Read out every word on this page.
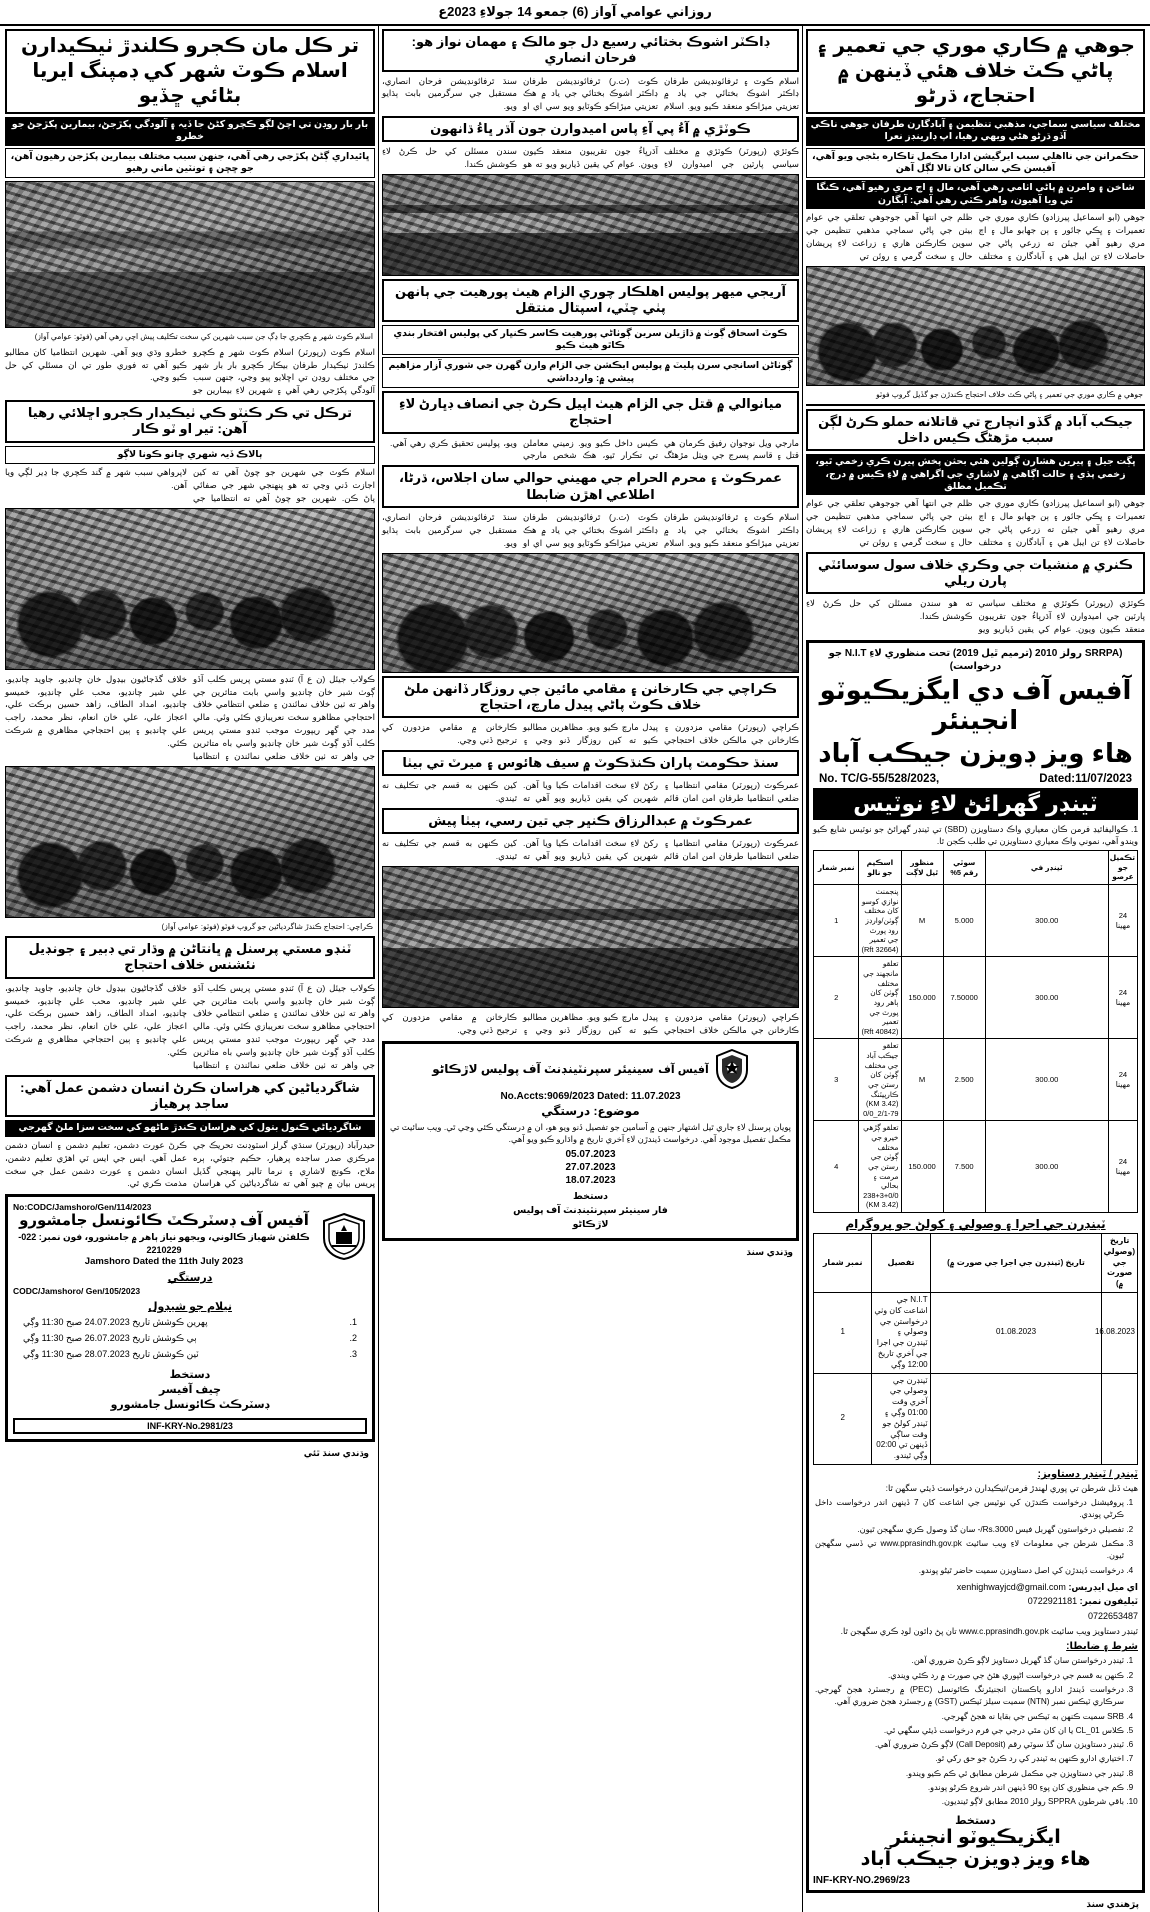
روزاني عوامي آواز (6) جمعو 14 جولاءِ 2023ع
جوهي ۾ ڪاري موري جي تعمير ۽ پاڻي ڪٽ خلاف ھئي ڏينهن ۾ احتجاج، ڌرڻو
مختلف سياسي سماجي، مذهبي تنظيمن ۽ آبادگارن طرفان جوهي ناڪي آڏو ڌرڻو هڻي ويهي رهيا، اپ ڊارينڊز نعرا
حڪمرانن جي نااهلي سبب ايرگيشن ادارا مڪمل تاڪاره بڻجي ويو آهي، آفيسن ڪي سالن کان تالا لڳل آهن
شاخن ۽ وامرن ۾ پاڻي اٺامي رهي آهي، مال ۽ اڄ مري رهيو آهي، ڪنگا ٿي ويا آهيون، واهر ڪٽي رهي آهي: آبگارن
جوهي (ابو اسماعيل پيرزادو) ڪاري موري جي تعميرات ۽ ڀڪي جائور ۽ ٻن جهابو مال ۽ اڄ مري رهيو آهي جيئن ته زرعي پاڻي جي حاصلات لاءِ تن ايبل هي ۽ آبادگارن ۽ مختلف ظلم جي انتها آهي جوجوهي تعلقي جي عوام بيٺن جي پاڻي سماجي مذهبي تنظيمن جي سوين ڪارڪنن هاري ۽ زراعت لاءِ پريشان حال ۽ سخت گرمي ۽ روئن تي
جوهي ۾ ڪاري موري جي تعمير ۽ پاڻي ڪٽ خلاف احتجاج ڪندڙن جو گڏيل گروپ فوٽو
جيڪب آباد ۾ گڏو انچارج تي قاتلانه حملو ڪرڻ لڳن سبب مڙهڻگ ڪيس داخل
ڀڳت جيل ۽ پيرين هشارن ڳولين هٿي بحثن پخش پيرن ڪري زخمي ٿيو، زخمي پڌي ۽ حالت اڳاهي ۾ لاشاري جي اگراهي ۾ لاءِ ڪيس ۾ درج، تڪميل مطلق
جوهي (ابو اسماعيل پيرزادو) ڪاري موري جي تعميرات ۽ ڀڪي جائور ۽ ٻن جهابو مال ۽ اڄ مري رهيو آهي جيئن ته زرعي پاڻي جي حاصلات لاءِ تن ايبل هي ۽ آبادگارن ۽ مختلف ظلم جي انتها آهي جوجوهي تعلقي جي عوام بيٺن جي پاڻي سماجي مذهبي تنظيمن جي سوين ڪارڪنن هاري ۽ زراعت لاءِ پريشان حال ۽ سخت گرمي ۽ روئن تي
ڪنري ۾ منشيات جي وڪري خلاف سول سوسائٽي پارن ريلي
ڪوٽڙي (رپورٽر) ڪوٽڙي ۾ مختلف سياسي پارٽين جي اميدوارن لاءِ آڌرڀاءُ جون تقريبون منعقد ڪيون ويون. عوام کي يقين ڏياريو ويو ته هو سندن مسئلن کي حل ڪرڻ لاءِ ڪوشش ڪندا.
(SRRPA رولز 2010 (ترميم ٿيل 2019) تحت منظوري لاءِ N.I.T جو درخواست)
آفيس آف دي ايگزيڪيوٽو انجينئر
هاء ويز ڊويزن جيڪب آباد
No. TC/G-55/528/2023,	Dated:11/07/2023
ٽينڊر گهرائڻ لاءِ نوٽيس
1. ڪواليفائيڊ فرمن ڪان معياري واڪ دستاويزن (SBD) تي ٽينڊر گهرائڻ جو نوٽيس شايع ڪيو ويندو آهي، نموني واڪ معياري دستاويزن تي طلب ڪجن ٿا.
تڪميل جو عرصو	ٽينڊر في	سوٽي رقم 5%	منظور ٿيل لاڳت	اسڪيم جو نالو	نمبر شمار
24 مهينا	300.00	5.000	M	پنجمنٺ نوازي کوسو کان مختلف ڳوٺن/وارڊز رود پورٽ جي تعمير (32664 Rft)	1
24 مهينا	300.00	7.50000	150.000	تعلقو مانجهند جي مختلف ڳوٺن کان ٻاهر رود پورٽ جي تعمير (40842 Rft)	2
24 مهينا	300.00	2.500	M	تعلقو جيڪب آباد جي مختلف ڳوٺن کان رستن جي ڪارپيٽنگ (3.42 KM) 0/0_2/1-79	3
24 مهينا	300.00	7.500	150.000	تعلقو ڳڙهي خيرو جي مختلف ڳوٺن جي رستن جي مرمت ۽ بحالي 0/0+3+238 (3.42 KM)	4
ٽينڊرن جي اجرا ۽ وصولي ۽ کولڻ جو پروگرام
تاريخ (وصولي جي صورت ۾)	تاريخ (ٽينڊرن جي اجرا جي صورت ۾)	تفصيل	نمبر شمار
16.08.2023	01.08.2023	N.I.T جي اشاعت کان وٺي درخواستن جي وصولي ۽ ٽينڊرن جي اجرا جي آخري تاريخ 12:00 وڳي	1
		ٽينڊرن جي وصولي جي آخري وقت 01:00 وڳي ۽ ٽينڊر کولڻ جو وقت ساڳي ڏينهن تي 02:00 وڳي ٿيندو.	2
ٽينڊر / ٽينڊر دستاويز:
هيٺ ڏنل شرطن تي پوري لهندڙ فرمن/ٺيڪيدارن درخواست ڏيئي سگهن ٿا:
1. پروفيشنل درخواست ڪندڙن کي نوٽيس جي اشاعت کان 7 ڏينهن اندر درخواست داخل ڪرڻي پوندي.
2. تفصيلي درخواستون گهربل فيس Rs.3000/- سان گڏ وصول ڪري سگهجن ٿيون.
3. مڪمل شرطن جي معلومات لاءِ ويب سائيٽ www.pprasindh.gov.pk تي ڏسي سگهجن ٿيون.
4. درخواست ڏيندڙن کي اصل دستاويزن سميت حاضر ٿيڻو پوندو.
اي ميل ايڊريس: xenhighwayjcd@gmail.com
ٽيليفون نمبر: 0722921181
0722653487
ٽينڊر دستاويز ويب سائيٽ www.c.pprasindh.gov.pk تان پڻ ڊائون لوڊ ڪري سگهجن ٿا.
شرط ۽ ضابطا:
1. ٽينڊر درخواستن سان گڏ گهربل دستاويز لاڳو ڪرڻ ضروري آهن.
2. ڪنهن به قسم جي درخواست اڻپوري هئڻ جي صورت ۾ رد ڪئي ويندي.
3. درخواست ڏيندڙ ادارو پاڪستان انجنيئرنگ ڪائونسل (PEC) ۾ رجسٽرڊ هجڻ گهرجي. سرڪاري ٽيڪس نمبر (NTN) سميت سيلز ٽيڪس (GST) ۾ رجسٽرڊ هجڻ ضروري آهي.
4. SRB سميت ڪنهن به ٽيڪس جي بقايا نه هجڻ گهرجي.
5. ڪلاس CL_01 يا ان کان مٿي درجي جي فرم درخواست ڏيئي سگهي ٿي.
6. ٽينڊر دستاويزن سان گڏ سوٽي رقم (Call Deposit) لاڳو ڪرڻ ضروري آهي.
7. اختياري ادارو ڪنهن به ٽينڊر کي رد ڪرڻ جو حق رکي ٿو.
8. ٽينڊر جي دستاويزن جي مڪمل شرطن مطابق ئي ڪم ڪيو ويندو.
9. ڪم جي منظوري کان پوءِ 90 ڏينهن اندر شروع ڪرڻو پوندو.
10. باقي شرطون SPPRA رولز 2010 مطابق لاڳو ٿينديون.
دستخط
ايگزيڪيوٽو انجينئر
هاء ويز ڊويزن جيڪب آباد
INF-KRY-NO.2969/23
پڙهندي سنڌ
ڊاڪٽر اشوڪ بختائي رسيع دل جو مالڪ ۽ مهمان نواز هو: فرحان انصاري
اسلام ڪوٽ ۽ ٿرفائونڊيشن طرفان ڊاڪٽر اشوڪ بختائي جي ياد ۾ تعزيتي ميڙاڪو منعقد ڪيو ويو. اسلام ڪوٽ (ت.ر) ٿرفائونڊيشن طرفان ڊاڪٽر اشوڪ بختائي جي ياد ۾ هڪ تعزيتي ميڙاڪو ڪوٽايو ويو سي اي او سنڌ ٿرفائونڊيشن فرحان انصاري، مستقبل جي سرگرمين بابت ٻڌايو ويو.
ڪوٽڙي ۾ آءُ پي آءِ پاس اميدوارن جون آڌر ڀاءُ ڌانهون
ڪوٽڙي (رپورٽر) ڪوٽڙي ۾ مختلف سياسي پارٽين جي اميدوارن لاءِ آڌرڀاءُ جون تقريبون منعقد ڪيون ويون. عوام کي يقين ڏياريو ويو ته هو سندن مسئلن کي حل ڪرڻ لاءِ ڪوشش ڪندا.
آريجي ميهر پوليس اهلڪار چوري الزام هيٺ پورهيت جي ٻانهن پٺي چٽي، اسپتال منتقل
ڪوٽ اسحاق ڳوٺ ۾ ڌاڙيلن سرين ڳوٺاڻي پورهيت ڪاسر ڪنڀار کي پوليس افتخار بندي ڪاٿو هيٺ ڪيو
ڳوٺاڻن اسانجي سرن پليٽ ۾ پوليس ايڪشن جي الزام وارن گهرن جي شوري آزار مزاهيم پيشي ۾: واردداشي
ميانوالي ۾ قتل جي الزام هيٺ اپيل ڪرڻ جي انصاف ڊڀارڻ لاءِ احتجاج
مارجي ويل نوجوان رفيق ڪرمان هي قتل ۽ قاسم پسرج جي ويٺل مڙهڻگ ڪيس داخل ڪيو ويو. زميني معاملن تي تڪرار ٿيو، هڪ شخص مارجي ويو، پوليس تحقيق ڪري رهي آهي.
عمرڪوٽ ۽ محرم الحرام جي مهيني حوالي سان اجلاس، ڌرڻا، اطلاعي اهڙن ضابطا
اسلام ڪوٽ ۽ ٿرفائونڊيشن طرفان ڊاڪٽر اشوڪ بختائي جي ياد ۾ تعزيتي ميڙاڪو منعقد ڪيو ويو. اسلام ڪوٽ (ت.ر) ٿرفائونڊيشن طرفان ڊاڪٽر اشوڪ بختائي جي ياد ۾ هڪ تعزيتي ميڙاڪو ڪوٽايو ويو سي اي او سنڌ ٿرفائونڊيشن فرحان انصاري، مستقبل جي سرگرمين بابت ٻڌايو ويو.
ڪراچي جي ڪارخانن ۽ مقامي مائين جي روزگار ڏانهن ملڻ خلاف ڪوٽ پاڻي پيدل مارچ، احتجاج
ڪراچي (رپورٽر) مقامي مزدورن ۽ ڪارخانن جي مالڪن خلاف احتجاجي پيدل مارچ ڪيو ويو. مظاهرين مطالبو ڪيو ته کين روزگار ڏنو وڃي ۽ ڪارخانن ۾ مقامي مزدورن کي ترجيح ڏني وڃي.
سنڌ حڪومت پاران ڪنڌڪوٽ ۾ سيف هائوس ۽ ميرٽ تي بيٺا
عمرڪوٽ (رپورٽر) مقامي انتظاميا ۽ ضلعي انتظاميا طرفان امن امان قائم رکڻ لاءِ سخت اقدامات ڪيا ويا آهن. شهرين کي يقين ڏياريو ويو آهي ته کين ڪنهن به قسم جي تڪليف نه ٿيندي.
عمرڪوٽ ۾ عبدالرزاق ڪنڀر جي تين رسي، ٻيٺا پيش
عمرڪوٽ (رپورٽر) مقامي انتظاميا ۽ ضلعي انتظاميا طرفان امن امان قائم رکڻ لاءِ سخت اقدامات ڪيا ويا آهن. شهرين کي يقين ڏياريو ويو آهي ته کين ڪنهن به قسم جي تڪليف نه ٿيندي.
ڪراچي (رپورٽر) مقامي مزدورن ۽ ڪارخانن جي مالڪن خلاف احتجاجي پيدل مارچ ڪيو ويو. مظاهرين مطالبو ڪيو ته کين روزگار ڏنو وڃي ۽ ڪارخانن ۾ مقامي مزدورن کي ترجيح ڏني وڃي.
آفيس آف سينيئر سپرنٽينڊنٽ آف پوليس لاڙڪاڻو
No.Accts:9069/2023 Dated: 11.07.2023
موضوع: درستگي
پويان پرسنل لاءِ جاري ٿيل اشتهار جنهن ۾ آسامين جو تفصيل ڏنو ويو هو، ان ۾ درستگي ڪئي وڃي ٿي. ويب سائيٽ تي مڪمل تفصيل موجود آهي. درخواست ڏيندڙن لاءِ آخري تاريخ ۾ واڌارو ڪيو ويو آهي.
05.07.2023
27.07.2023
18.07.2023
دستخط
فار سينيئر سپرنٽينڊنٽ آف پوليس
لاڙڪاڻو
وڌندي سنڌ
تر ڪل مان ڪجرو ڪلندڙ ٺيڪيدارن اسلام ڪوٽ شهر کي ڊمپنگ ايريا بڻائي ڇڏيو
بار بار روڊن تي اچڻ لڳو ڪچرو کڻڻ جا ڏيہ ۽ آلودگي پکڙجڻ، بيمارين پکڙجڻ جو خطرو
ڀائيداري ڳڻڻ پکڙجي رهي آهي، جنهن سبب مختلف بيمارين پکڙجن رهيون آهن، جو ڇڇن ۽ تونٽين ماني رهيو
اسلام ڪوٽ شهر ۾ ڪچري جا ڍڳ جن سبب شهرين کي سخت تڪليف پيش اچي رهي آهي (فوٽو: عوامي آواز)
اسلام ڪوٽ (رپورٽر) اسلام ڪوٽ شهر ۾ ڪچرو ڪلندڙ ٺيڪيدار طرفان بيڪار ڪچرو بار بار شهر جي مختلف روڊن تي اڇلايو پيو وڃي، جنهن سبب آلودگي پکڙجي رهي آهي ۽ شهرين لاءِ بيمارين جو خطرو وڌي ويو آهي. شهرين انتظاميا کان مطالبو ڪيو آهي ته فوري طور تي ان مسئلي کي حل ڪيو وڃي.
ترڪل تي ڪر ڪنٽو ڪي ٺيڪيدار ڪجرو اڇلائي رهيا آهن: تير او ٽو ڪار
ٻالاڪ ڏيہ شهري ڇانو ڪونا لاڳو
اسلام ڪوٽ جي شهرين جو چوڻ آهي ته کين اجازت ڏني وڃي ته هو پنهنجي شهر جي صفائي پاڻ ڪن. شهرين جو چوڻ آهي ته انتظاميا جي لاپرواهي سبب شهر ۾ گند ڪچري جا ڍير لڳي ويا آهن.
ڪولاب جيئل (ن ع آ) ٽنڊو مستي پريس ڪلب آڏو ڳوٺ شير خان چانڊيو واسي بابت متاثرين جي واهر ته ٺين خلاف نمائندن ۽ ضلعي انتظامي خلاف احتجاجي مظاهرو سخت نعريبازي ڪئي وئي. مالي مدد جي گهر ريپورٽ موجب ٽنڊو مستي پريس ڪلب آڏو ڳوٺ شير خان چانڊيو واسي باه متاثرين جي واهر ته ٺين خلاف ضلعي نمائندن ۽ انتظاميا خلاف گڏجاڻيون بيڊول خان چانڊيو، جاويد چانڊيو، علي شير چانڊيو، محب علي چانڊيو، خميسو چانڊيو، امداد الطاف، زاهد حسين برڪت علي، اعجاز علي، علي خان انعام، نظر محمد، راجب علي چانڊيو ۽ ٻين احتجاجي مظاهري ۾ شرڪت ڪئي.
ڪراچي: احتجاج ڪندڙ شاگردياڻين جو گروپ فوٽو (فوٽو: عوامي آواز)
ٽنڊو مستي پرسنل ۾ ڀانتاڻن ۾ وڌار تي ڊبير ۽ جونڊيل نئشنس خلاف احتجاج
ڪولاب جيئل (ن ع آ) ٽنڊو مستي پريس ڪلب آڏو ڳوٺ شير خان چانڊيو واسي بابت متاثرين جي واهر ته ٺين خلاف نمائندن ۽ ضلعي انتظامي خلاف احتجاجي مظاهرو سخت نعريبازي ڪئي وئي. مالي مدد جي گهر ريپورٽ موجب ٽنڊو مستي پريس ڪلب آڏو ڳوٺ شير خان چانڊيو واسي باه متاثرين جي واهر ته ٺين خلاف ضلعي نمائندن ۽ انتظاميا خلاف گڏجاڻيون بيڊول خان چانڊيو، جاويد چانڊيو، علي شير چانڊيو، محب علي چانڊيو، خميسو چانڊيو، امداد الطاف، زاهد حسين برڪت علي، اعجاز علي، علي خان انعام، نظر محمد، راجب علي چانڊيو ۽ ٻين احتجاجي مظاهري ۾ شرڪت ڪئي.
شاگردياڻين کي هراسان ڪرڻ انسان دشمن عمل آهي: ساجد پرهياز
شاگردياڻي ڪنول بتول کي هراسان ڪندڙ ماڻهو کي سخت سزا ملڻ گهرجي
حيدرآباد (رپورٽر) سنڌي گرلز اسٽوڊنٽ تحريڪ جي مرڪزي صدر ساجده پرهيار، حڪيم جتوئي، ٻره ملاح، ڪونڄ لاشاري ۽ نرما تالير پنهنجي گڏيل پريس بيان ۾ چيو آهي ته شاگردياڻين کي هراسان ڪرڻ عورت دشمن، تعليم دشمن ۽ انسان دشمن عمل آهي. ايس جي ايس ٽي اهڙي تعليم دشمن، انسان دشمن ۽ عورت دشمن عمل جي سخت مذمت ڪري ٿي.
No:CODC/Jamshoro/Gen/114/2023
آفيس آف ڊسٽرڪٽ ڪائونسل جامشورو
ڪلفٽن شهباز ڪالوني، ويجهو نياز ٻاهر ۾ جامشورو، فون نمبر: 022-2210229
Jamshoro Dated the 11th July 2023
درستگي
CODC/Jamshoro/ Gen/105/2023
نيلام جو شيڊول
1.
پهرين ڪوشش تاريخ 24.07.2023 صبح 11:30 وڳي
2.
ٻي ڪوشش تاريخ 26.07.2023 صبح 11:30 وڳي
3.
ٽين ڪوشش تاريخ 28.07.2023 صبح 11:30 وڳي
دستخط
چيف آفيسر
ڊسٽرڪٽ ڪائونسل جامشورو
INF-KRY-No.2981/23
وڌندي سنڌ ٿئي
